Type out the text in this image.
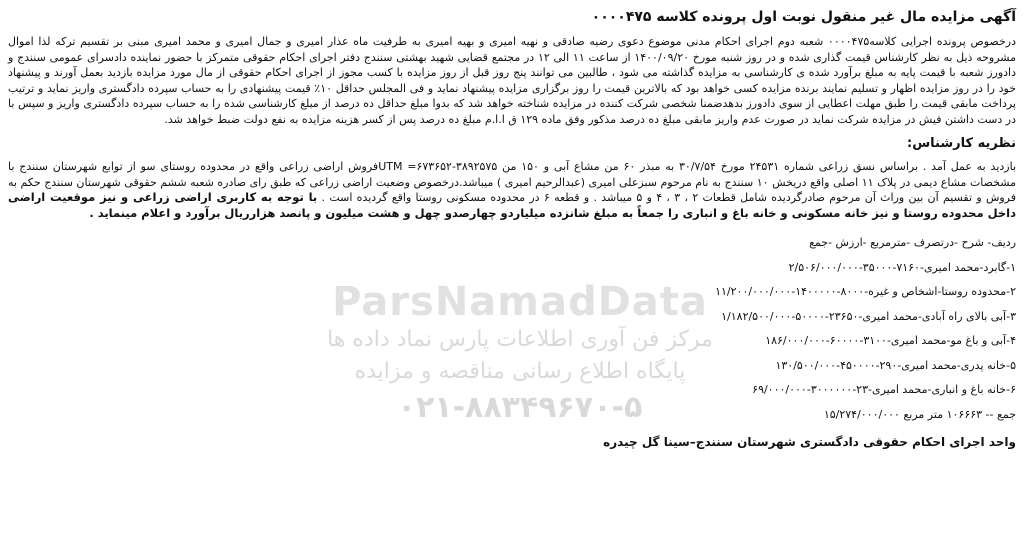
آگهی مزایده مال غیر منقول نوبت اول پرونده کلاسه ۰۰۰۰۴۷۵

درخصوص پرونده اجرایی کلاسه۰۰۰۰۴۷۵ شعبه دوم اجرای احکام مدنی موضوع دعوی رضیه صادقی و نهیه امیری و بهیه امیری به طرفیت ماه عذار امیری و جمال امیری و محمد امیری مبنی بر تقسیم ترکه لذا اموال مشروحه ذیل به نظر کارشناس قیمت گذاری شده و در روز شنبه مورخ ۱۴۰۰/۰۹/۲۰ از ساعت ۱۱ الی ۱۲ در مجتمع قضایی شهید بهشتی سنندج دفتر اجرای احکام حقوقی متمرکز با حضور نماینده دادسرای عمومی سنندج و دادورز شعبه با قیمت پایه به مبلغ برآورد شده ی کارشناسی به مزایده گذاشته می شود ، طالبین می توانند پنج روز قبل از روز مزایده با کسب مجوز از اجرای احکام حقوقی از مال مورد مزایده بازدید بعمل آورند و پیشنهاد خود را در روز مزایده اظهار و تسلیم نمایند برنده مزایده کسی خواهد بود که بالاترین قیمت را روز برگزاری مزایده پیشنهاد نماید و فی المجلس حداقل ۱۰٪ قیمت پیشنهادی را به حساب سپرده دادگستری واریز نماید و ترتیب پرداخت مابقی قیمت را طبق مهلت اعطایی از سوی دادورز بدهدضمنا شخصی شرکت کننده در مزایده شناخته خواهد شد که بدوا مبلغ حداقل ده درصد از مبلغ کارشناسی شده را به حساب سپرده دادگستری واریز و سپس با در دست داشتن فیش در مزایده شرکت نماید در صورت عدم واریز مابقی مبلغ ده درصد مذکور وفق ماده ۱۲۹ ق ا.ا.م مبلغ ده درصد پس از کسر هزینه مزایده به نفع دولت ضبط خواهد شد.

نظریه کارشناس:

بازدید به عمل آمد . براساس نسق زراعی شماره ۲۴۵۳۱ مورخ ۳۰/۷/۵۴ به مبذر ۶۰ من مشاع آبی و ۱۵۰ من ۳۸۹۲۵۷۵-۶۷۳۶۵۲= UTMفروش اراضی زراعی واقع در محدوده روستای سو از توابع شهرستان سنندج با مشخصات مشاع دیمی در پلاک ۱۱ اصلی واقع دریخش ۱۰ سنندج به نام مرحوم سبزعلی امیری (عبدالرحیم امیری ) میباشد.درخصوص وضعیت اراضی زراعی که طبق رای صادره شعبه ششم حقوقی شهرستان سنندج حکم به فروش و تقسیم آن بین وراث آن مرحوم صادرگردیده شامل قطعات ۲ ، ۳ ، ۴ و ۵ میباشد . و قطعه ۶ در محدوده مسکونی روستا واقع گردیده است . با توجه به کاربری اراضی زراعی و نیز موقعیت اراضی داخل محدوده روستا و نیز خانه مسکونی و خانه باغ و انباری را جمعاً به مبلغ شانزده میلیاردو چهارصدو چهل و هشت میلیون و پانصد هزارریال برآورد و اعلام مینماید .

ردیف- شرح -درتصرف -مترمربع -ارزش -جمع
۱-گابرد-محمد امیری-۷۱۶۰-۳۵۰۰۰-۲/۵۰۶/۰۰۰/۰۰۰
۲-محدوده روستا-اشخاص و غیره-۸۰۰۰-۱۴۰۰۰۰۰-۱۱/۲۰۰/۰۰۰/۰۰۰
۳-آبی بالای راه آبادی-محمد امیری-۲۳۶۵۰-۵۰۰۰۰-۱/۱۸۲/۵۰۰/۰۰۰
۴-آبی و باغ مو-محمد امیری-۳۱۰۰-۶۰۰۰۰-۱۸۶/۰۰۰/۰۰۰
۵-خانه پدری-محمد امیری-۲۹۰-۴۵۰۰۰۰-۱۳۰/۵۰۰/۰۰۰
۶-خانه باغ و انباری-محمد امیری-۲۳-۳۰۰۰۰۰۰-۶۹/۰۰۰/۰۰۰
جمع -- ۱۰۶۶۶۳ متر مربع ۱۵/۲۷۴/۰۰۰/۰۰۰
واحد اجرای احکام حقوقی دادگستری شهرستان سنندج–سینا گل چیدره
ParsNamadData
مرکز فن آوری اطلاعات پارس نماد داده ها
پایگاه اطلاع رسانی مناقصه و مزایده
۰۲۱-۸۸۳۴۹۶۷۰-۵
